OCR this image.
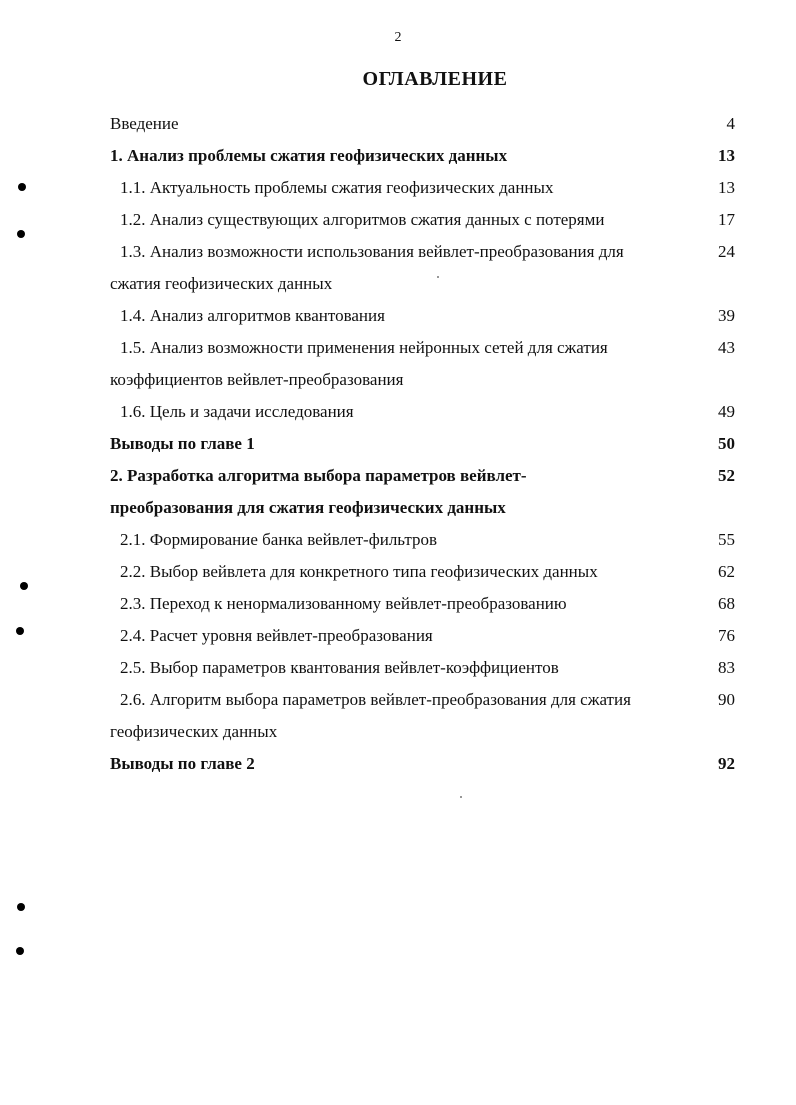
2
ОГЛАВЛЕНИЕ
Введение	4
1. Анализ проблемы сжатия геофизических данных	13
1.1. Актуальность проблемы сжатия геофизических данных	13
1.2. Анализ существующих алгоритмов сжатия данных с потерями	17
1.3. Анализ возможности использования вейвлет-преобразования для	24
сжатия геофизических данных
1.4. Анализ алгоритмов квантования	39
1.5. Анализ возможности применения нейронных сетей для сжатия	43
коэффициентов вейвлет-преобразования
1.6. Цель и задачи исследования	49
Выводы по главе 1	50
2. Разработка алгоритма выбора параметров вейвлет-	52
преобразования для сжатия геофизических данных
2.1. Формирование банка вейвлет-фильтров	55
2.2. Выбор вейвлета для конкретного типа геофизических данных	62
2.3. Переход к ненормализованному вейвлет-преобразованию	68
2.4. Расчет уровня вейвлет-преобразования	76
2.5. Выбор параметров квантования вейвлет-коэффициентов	83
2.6. Алгоритм выбора параметров вейвлет-преобразования для сжатия	90
геофизических данных
Выводы по главе 2	92
